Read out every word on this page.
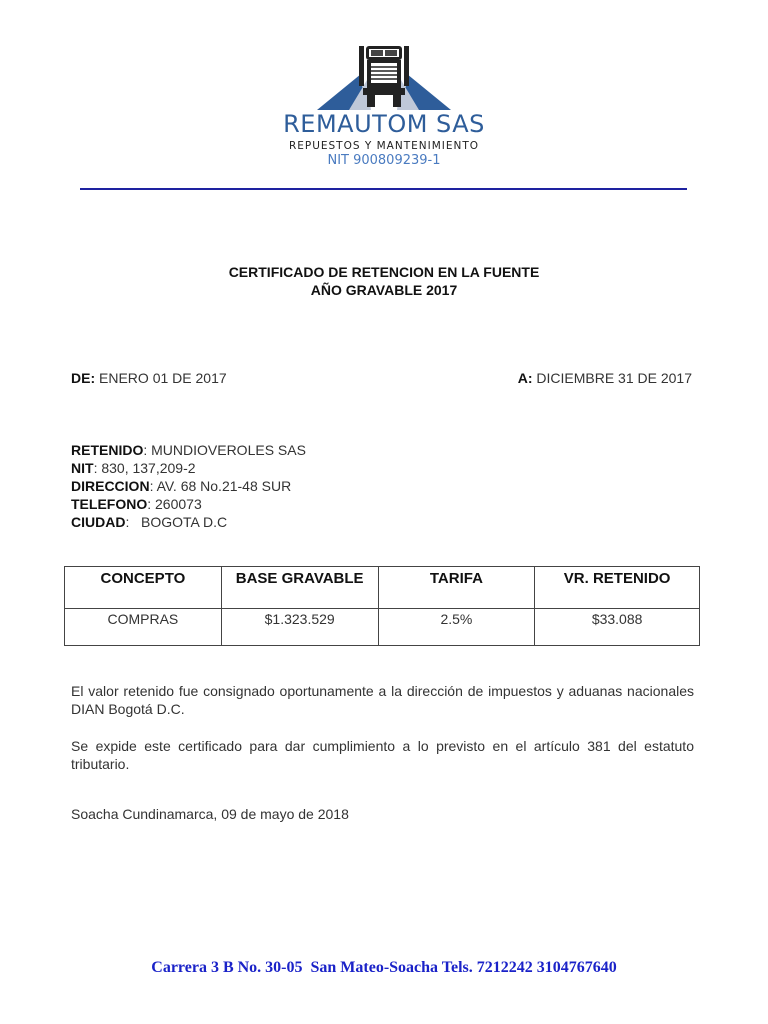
REMAUTOM SAS
REPUESTOS Y MANTENIMIENTO
NIT 900809239-1
CERTIFICADO DE RETENCION EN LA FUENTE
AÑO GRAVABLE 2017
DE: ENERO 01 DE 2017	A: DICIEMBRE 31 DE 2017
RETENIDO: MUNDIOVEROLES SAS
NIT: 830, 137,209-2
DIRECCION: AV. 68 No.21-48 SUR
TELEFONO: 260073
CIUDAD:   BOGOTA D.C
CONCEPTO	BASE GRAVABLE	TARIFA	VR. RETENIDO
COMPRAS	$1.323.529	2.5%	$33.088
El valor retenido fue consignado oportunamente a la dirección de impuestos y aduanas nacionales DIAN Bogotá D.C.
Se expide este certificado para dar cumplimiento a lo previsto en el artículo 381 del estatuto tributario.
Soacha Cundinamarca, 09 de mayo de 2018
Carrera 3 B No. 30-05  San Mateo-Soacha Tels. 7212242 3104767640
